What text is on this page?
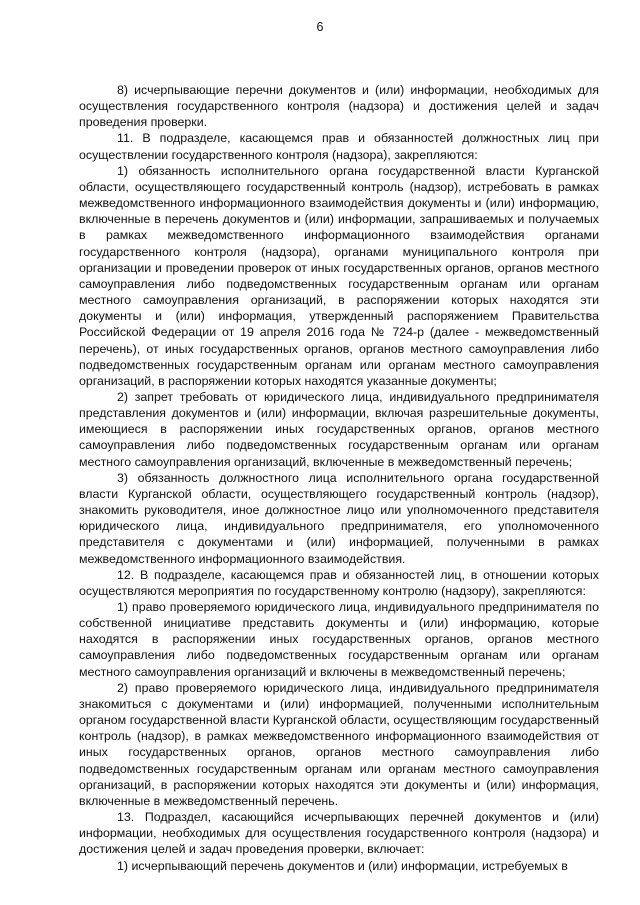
6

8) исчерпывающие перечни документов и (или) информации, необходимых для осуществления государственного контроля (надзора) и достижения целей и задач проведения проверки.

11. В подразделе, касающемся прав и обязанностей должностных лиц при осуществлении государственного контроля (надзора), закрепляются:

1) обязанность исполнительного органа государственной власти Курганской области, осуществляющего государственный контроль (надзор), истребовать в рамках межведомственного информационного взаимодействия документы и (или) информацию, включенные в перечень документов и (или) информации, запрашиваемых и получаемых в рамках межведомственного информационного взаимодействия органами государственного контроля (надзора), органами муниципального контроля при организации и проведении проверок от иных государственных органов, органов местного самоуправления либо подведомственных государственным органам или органам местного самоуправления организаций, в распоряжении которых находятся эти документы и (или) информация, утвержденный распоряжением Правительства Российской Федерации от 19 апреля 2016 года № 724-р (далее - межведомственный перечень), от иных государственных органов, органов местного самоуправления либо подведомственных государственным органам или органам местного самоуправления организаций, в распоряжении которых находятся указанные документы;

2) запрет требовать от юридического лица, индивидуального предпринимателя представления документов и (или) информации, включая разрешительные документы, имеющиеся в распоряжении иных государственных органов, органов местного самоуправления либо подведомственных государственным органам или органам местного самоуправления организаций, включенные в межведомственный перечень;

3) обязанность должностного лица исполнительного органа государственной власти Курганской области, осуществляющего государственный контроль (надзор), знакомить руководителя, иное должностное лицо или уполномоченного представителя юридического лица, индивидуального предпринимателя, его уполномоченного представителя с документами и (или) информацией, полученными в рамках межведомственного информационного взаимодействия.

12. В подразделе, касающемся прав и обязанностей лиц, в отношении которых осуществляются мероприятия по государственному контролю (надзору), закрепляются:

1) право проверяемого юридического лица, индивидуального предпринимателя по собственной инициативе представить документы и (или) информацию, которые находятся в распоряжении иных государственных органов, органов местного самоуправления либо подведомственных государственным органам или органам местного самоуправления организаций и включены в межведомственный перечень;

2) право проверяемого юридического лица, индивидуального предпринимателя знакомиться с документами и (или) информацией, полученными исполнительным органом государственной власти Курганской области, осуществляющим государственный контроль (надзор), в рамках межведомственного информационного взаимодействия от иных государственных органов, органов местного самоуправления либо подведомственных государственным органам или органам местного самоуправления организаций, в распоряжении которых находятся эти документы и (или) информация, включенные в межведомственный перечень.

13. Подраздел, касающийся исчерпывающих перечней документов и (или) информации, необходимых для осуществления государственного контроля (надзора) и достижения целей и задач проведения проверки, включает:

1) исчерпывающий перечень документов и (или) информации, истребуемых в
